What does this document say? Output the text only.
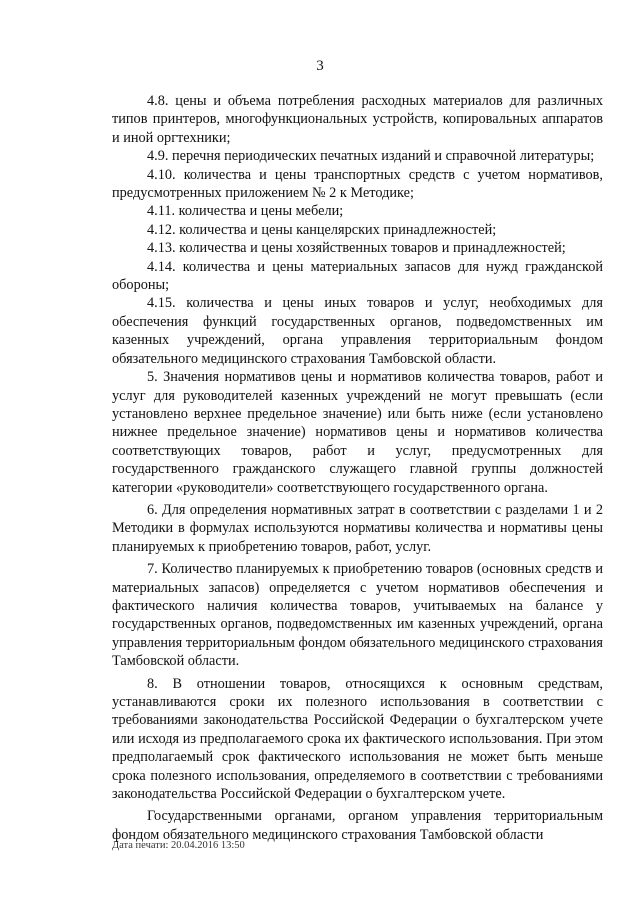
3

4.8. цены и объема потребления расходных материалов для различных типов принтеров, многофункциональных устройств, копировальных аппаратов и иной оргтехники;

4.9. перечня периодических печатных изданий и справочной литературы;

4.10. количества и цены транспортных средств с учетом нормативов, предусмотренных приложением № 2 к Методике;

4.11. количества и цены мебели;

4.12. количества и цены канцелярских принадлежностей;

4.13. количества и цены хозяйственных товаров и принадлежностей;

4.14. количества и цены материальных запасов для нужд гражданской обороны;

4.15. количества и цены иных товаров и услуг, необходимых для обеспечения функций государственных органов, подведомственных им казенных учреждений, органа управления территориальным фондом обязательного медицинского страхования Тамбовской области.

5. Значения нормативов цены и нормативов количества товаров, работ и услуг для руководителей казенных учреждений не могут превышать (если установлено верхнее предельное значение) или быть ниже (если установлено нижнее предельное значение) нормативов цены и нормативов количества соответствующих товаров, работ и услуг, предусмотренных для государственного гражданского служащего главной группы должностей категории «руководители» соответствующего государственного органа.

6. Для определения нормативных затрат в соответствии с разделами 1 и 2 Методики в формулах используются нормативы количества и нормативы цены планируемых к приобретению товаров, работ, услуг.

7. Количество планируемых к приобретению товаров (основных средств и материальных запасов) определяется с учетом нормативов обеспечения и фактического наличия количества товаров, учитываемых на балансе у государственных органов, подведомственных им казенных учреждений, органа управления территориальным фондом обязательного медицинского страхования Тамбовской области.

8. В отношении товаров, относящихся к основным средствам, устанавливаются сроки их полезного использования в соответствии с требованиями законодательства Российской Федерации о бухгалтерском учете или исходя из предполагаемого срока их фактического использования. При этом предполагаемый срок фактического использования не может быть меньше срока полезного использования, определяемого в соответствии с требованиями законодательства Российской Федерации о бухгалтерском учете.

Государственными органами, органом управления территориальным фондом обязательного медицинского страхования Тамбовской области

Дата печати: 20.04.2016 13:50
